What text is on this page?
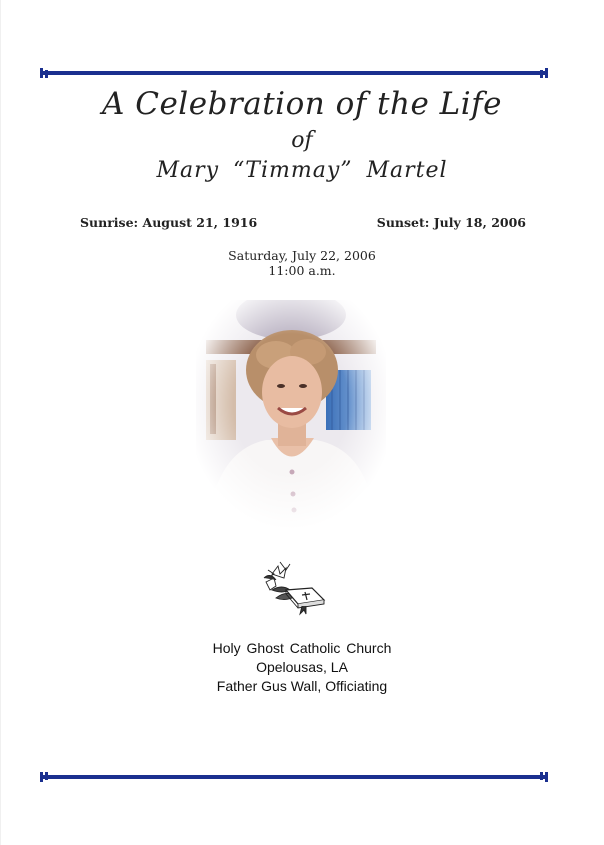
A Celebration of the Life
of
Mary “Timmay” Martel
Sunrise: August 21, 1916	Sunset: July 18, 2006
Saturday, July 22, 2006
11:00 a.m.
Holy Ghost Catholic Church
Opelousas, LA
Father Gus Wall, Officiating
